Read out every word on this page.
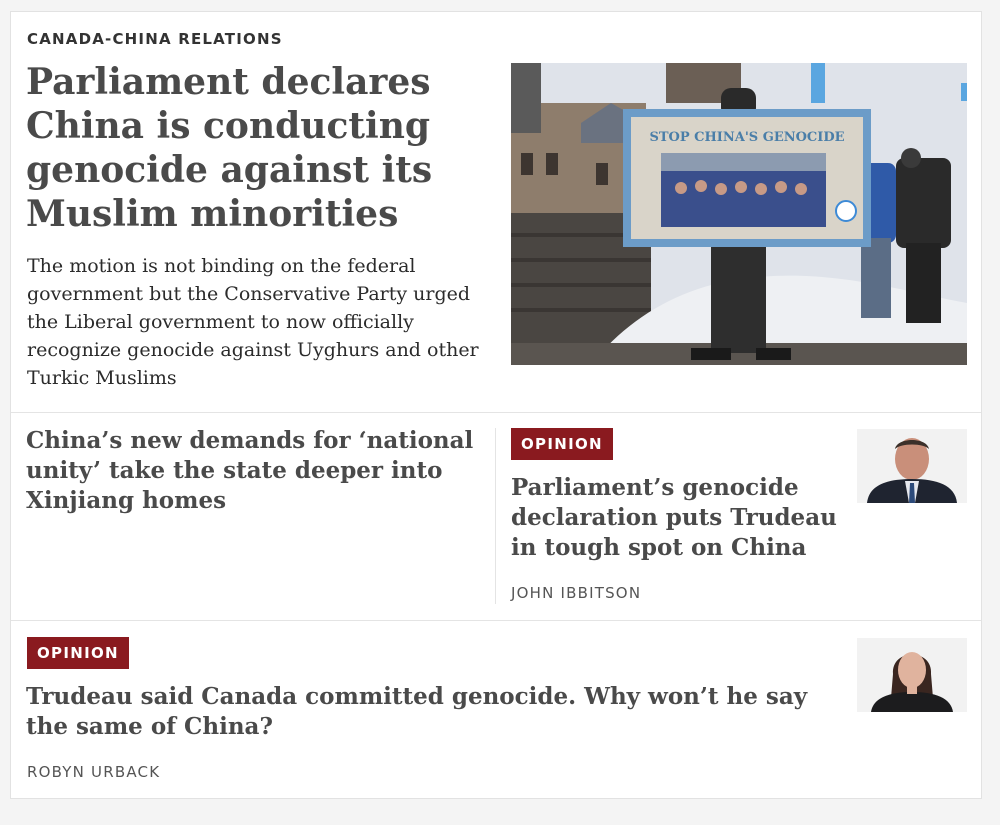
CANADA-CHINA RELATIONS
Parliament declares China is conducting genocide against its Muslim minorities

The motion is not binding on the federal government but the Conservative Party urged the Liberal government to now officially recognize genocide against Uyghurs and other Turkic Muslims

STOP CHINA'S GENOCIDE
China’s new demands for ‘national unity’ take the state deeper into Xinjiang homes
OPINION
Parliament’s genocide declaration puts Trudeau in tough spot on China
JOHN IBBITSON
OPINION
Trudeau said Canada committed genocide. Why won’t he say the same of China?
ROBYN URBACK
